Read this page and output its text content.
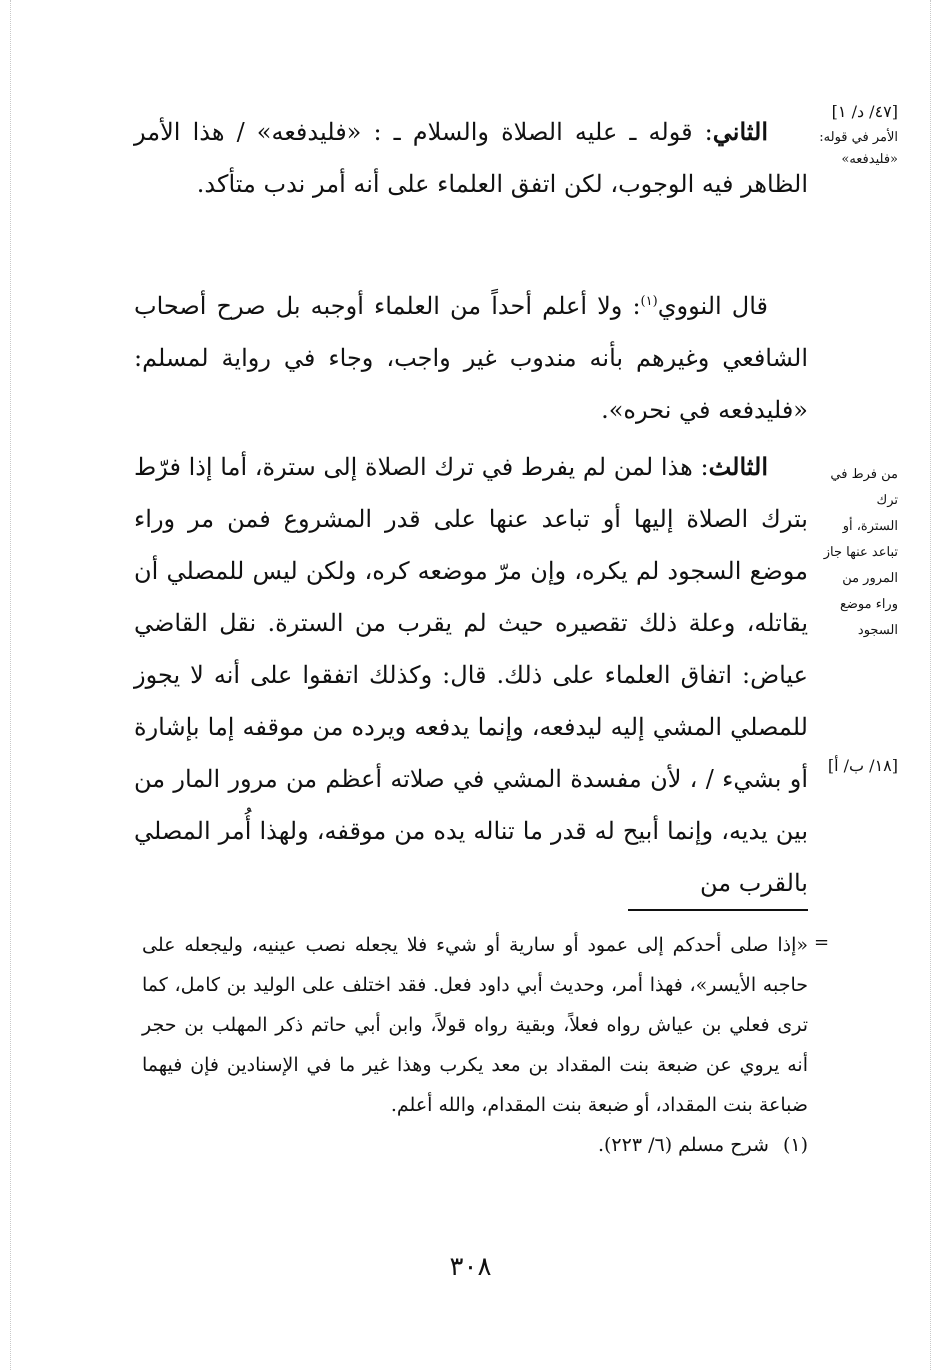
[٤٧/ د/ ١]
الأمر في قوله:
«فليدفعه»
من فرط في ترك
السترة، أو
تباعد عنها جاز
المرور من
وراء موضع
السجود
[١٨/ ب/ أ]

الثاني: قوله ـ عليه الصلاة والسلام ـ : «فليدفعه» / هذا الأمر الظاهر فيه الوجوب، لكن اتفق العلماء على أنه أمر ندب متأكد.

قال النووي$^{(١)}$: ولا أعلم أحداً من العلماء أوجبه بل صرح أصحاب الشافعي وغيرهم بأنه مندوب غير واجب، وجاء في رواية لمسلم: «فليدفعه في نحره».

الثالث: هذا لمن لم يفرط في ترك الصلاة إلى سترة، أما إذا فرّط بترك الصلاة إليها أو تباعد عنها على قدر المشروع فمن مر وراء موضع السجود لم يكره، وإن مرّ موضعه كره، ولكن ليس للمصلي أن يقاتله، وعلة ذلك تقصيره حيث لم يقرب من السترة. نقل القاضي عياض: اتفاق العلماء على ذلك. قال: وكذلك اتفقوا على أنه لا يجوز للمصلي المشي إليه ليدفعه، وإنما يدفعه ويرده من موقفه إما بإشارة أو بشيء / ، لأن مفسدة المشي في صلاته أعظم من مرور المار من بين يديه، وإنما أبيح له قدر ما تناله يده من موقفه، ولهذا أُمر المصلي بالقرب من

=

«إذا صلى أحدكم إلى عمود أو سارية أو شيء فلا يجعله نصب عينيه، وليجعله على حاجبه الأيسر»، فهذا أمر، وحديث أبي داود فعل. فقد اختلف على الوليد بن كامل، كما ترى فعلي بن عياش رواه فعلاً، وبقية رواه قولاً، وابن أبي حاتم ذكر المهلب بن حجر أنه يروي عن ضبعة بنت المقداد بن معد يكرب وهذا غير ما في الإسنادين فإن فيهما ضباعة بنت المقداد، أو ضبعة بنت المقدام، والله أعلم.

(١)شرح مسلم (٦/ ٢٢٣).

٣٠٨
